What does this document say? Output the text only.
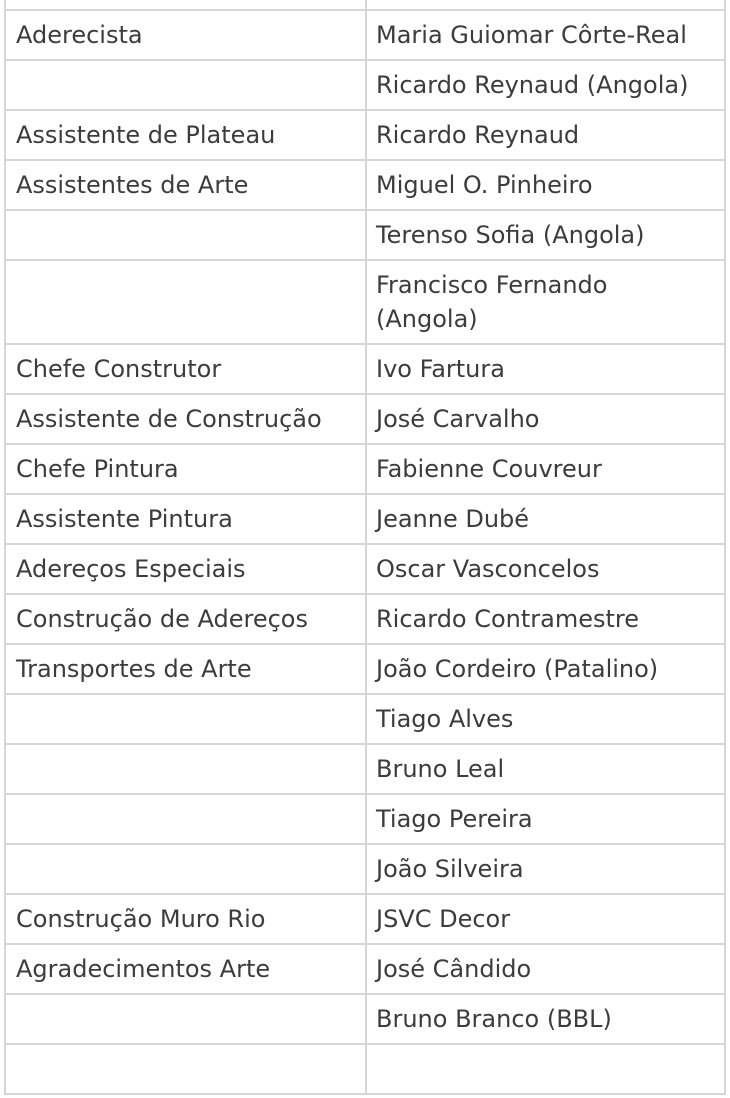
Aderecista	Maria Guiomar Côrte-Real
	Ricardo Reynaud (Angola)
Assistente de Plateau	Ricardo Reynaud
Assistentes de Arte	Miguel O. Pinheiro
	Terenso Sofia (Angola)
	Francisco Fernando (Angola)
Chefe Construtor	Ivo Fartura
Assistente de Construção	José Carvalho
Chefe Pintura	Fabienne Couvreur
Assistente Pintura	Jeanne Dubé
Adereços Especiais	Oscar Vasconcelos
Construção de Adereços	Ricardo Contramestre
Transportes de Arte	João Cordeiro (Patalino)
	Tiago Alves
	Bruno Leal
	Tiago Pereira
	João Silveira
Construção Muro Rio	JSVC Decor
Agradecimentos Arte	José Cândido
	Bruno Branco (BBL)
